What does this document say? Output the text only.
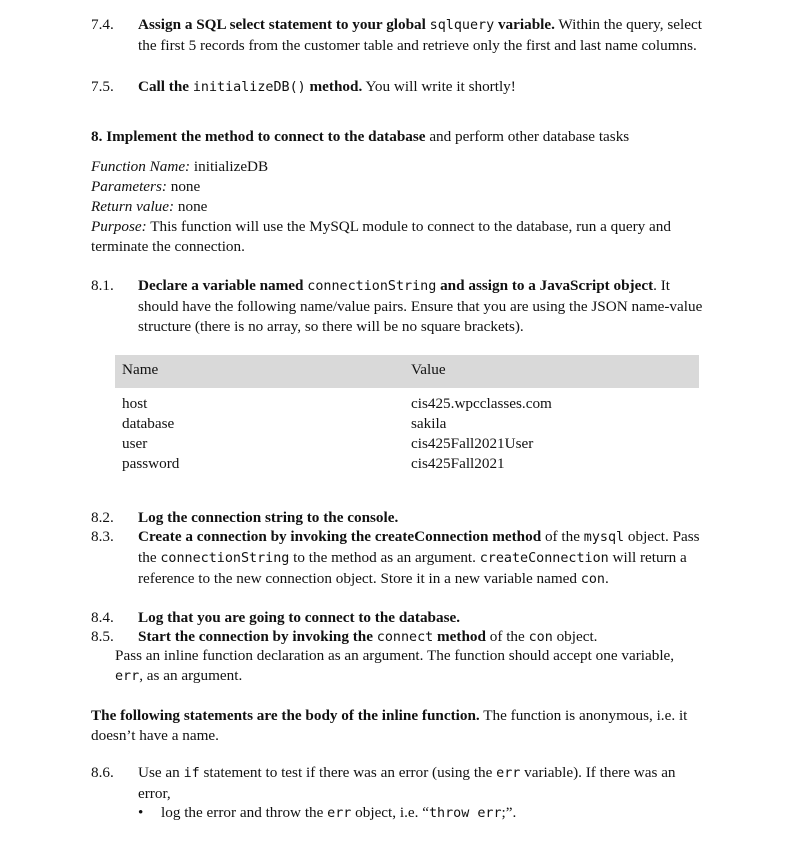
7.4.	Assign a SQL select statement to your global sqlquery variable. Within the query, select the first 5 records from the customer table and retrieve only the first and last name columns.
7.5.	Call the initializeDB() method. You will write it shortly!
8. Implement the method to connect to the database and perform other database tasks
Function Name: initializeDB
Parameters: none
Return value: none
Purpose: This function will use the MySQL module to connect to the database, run a query and terminate the connection.
8.1.	Declare a variable named connectionString and assign to a JavaScript object. It should have the following name/value pairs. Ensure that you are using the JSON name-value structure (there is no array, so there will be no square brackets).
Name	Value
host	cis425.wpcclasses.com
database	sakila
user	cis425Fall2021User
password	cis425Fall2021
8.2.	Log the connection string to the console.
8.3.	Create a connection by invoking the createConnection method of the mysql object. Pass the connectionString to the method as an argument. createConnection will return a reference to the new connection object. Store it in a new variable named con.
8.4.	Log that you are going to connect to the database.
8.5.	Start the connection by invoking the connect method of the con object.
Pass an inline function declaration as an argument. The function should accept one variable, err, as an argument.
The following statements are the body of the inline function. The function is anonymous, i.e. it doesn’t have a name.
8.6.	Use an if statement to test if there was an error (using the err variable). If there was an error,
• log the error and throw the err object, i.e. “throw err;”.
